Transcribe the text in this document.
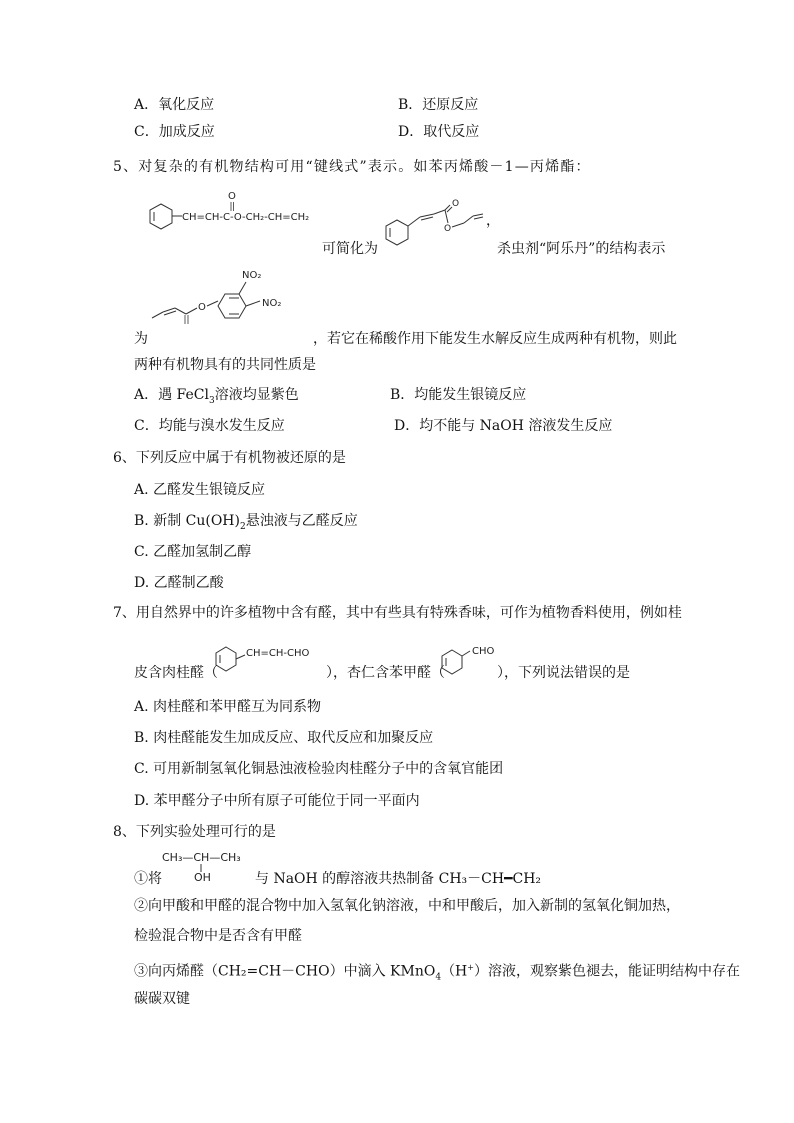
A．氧化反应	B．还原反应
C．加成反应	D．取代反应
5、对复杂的有机物结构可用“键线式”表示。如苯丙烯酸－1—丙烯酯：
O
CH=CH-C-O-CH₂-CH=CH₂
O
O ，
可简化为	杀虫剂“阿乐丹”的结构表示
O
NO₂
NO₂
为	，若它在稀酸作用下能发生水解反应生成两种有机物，则此
两种有机物具有的共同性质是
A．遇 FeCl$_3$溶液均显紫色	B．均能发生银镜反应
C．均能与溴水发生反应	D．均不能与 NaOH 溶液发生反应
6、下列反应中属于有机物被还原的是
A. 乙醛发生银镜反应
B. 新制 $Cu(OH)_2$悬浊液与乙醛反应
C. 乙醛加氢制乙醇
D. 乙醛制乙酸
7、用自然界中的许多植物中含有醛，其中有些具有特殊香味，可作为植物香料使用，例如桂
CH=CH-CHO	CHO
皮含肉桂醛（	），杏仁含苯甲醛（	），下列说法错误的是
A. 肉桂醛和苯甲醛互为同系物
B. 肉桂醛能发生加成反应、取代反应和加聚反应
C. 可用新制氢氧化铜悬浊液检验肉桂醛分子中的含氧官能团
D. 苯甲醛分子中所有原子可能位于同一平面内
8、下列实验处理可行的是
CH₃—CH—CH₃
OH
①将	与 NaOH 的醇溶液共热制备 CH₃－CH━CH₂
②向甲酸和甲醛的混合物中加入氢氧化钠溶液，中和甲酸后，加入新制的氢氧化铜加热，
检验混合物中是否含有甲醛
③向丙烯醛（CH₂=CH－CHO）中滴入 KMnO$_4$（H+）溶液，观察紫色褪去，能证明结构中存在
碳碳双键
